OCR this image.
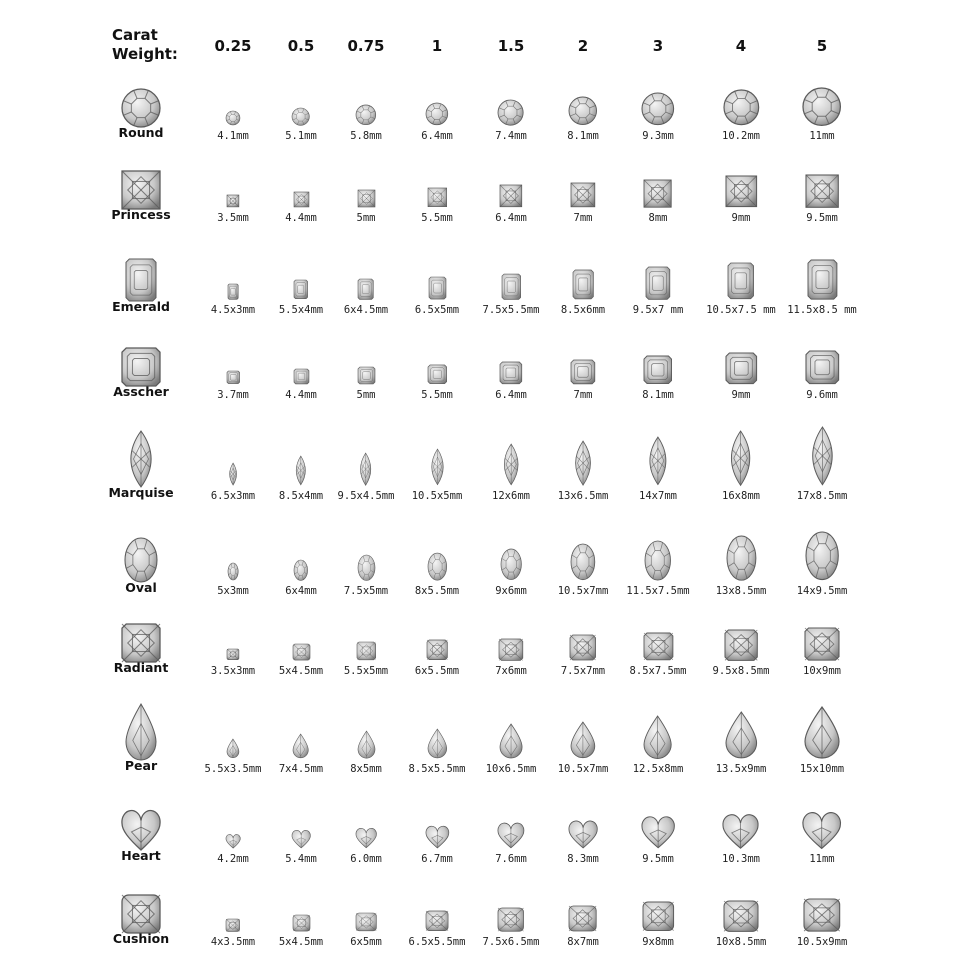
Carat
Weight:	0.25	0.5	0.75	1	1.5	2	3	4	5
Round	4.1mm	5.1mm	5.8mm	6.4mm	7.4mm	8.1mm	9.3mm	10.2mm	11mm
Princess	3.5mm	4.4mm	5mm	5.5mm	6.4mm	7mm	8mm	9mm	9.5mm
Emerald	4.5x3mm	5.5x4mm	6x4.5mm	6.5x5mm	7.5x5.5mm	8.5x6mm	9.5x7 mm	10.5x7.5 mm	11.5x8.5 mm
Asscher	3.7mm	4.4mm	5mm	5.5mm	6.4mm	7mm	8.1mm	9mm	9.6mm
Marquise	6.5x3mm	8.5x4mm	9.5x4.5mm	10.5x5mm	12x6mm	13x6.5mm	14x7mm	16x8mm	17x8.5mm
Oval	5x3mm	6x4mm	7.5x5mm	8x5.5mm	9x6mm	10.5x7mm	11.5x7.5mm	13x8.5mm	14x9.5mm
Radiant	3.5x3mm	5x4.5mm	5.5x5mm	6x5.5mm	7x6mm	7.5x7mm	8.5x7.5mm	9.5x8.5mm	10x9mm
Pear	5.5x3.5mm	7x4.5mm	8x5mm	8.5x5.5mm	10x6.5mm	10.5x7mm	12.5x8mm	13.5x9mm	15x10mm
Heart	4.2mm	5.4mm	6.0mm	6.7mm	7.6mm	8.3mm	9.5mm	10.3mm	11mm
Cushion	4x3.5mm	5x4.5mm	6x5mm	6.5x5.5mm	7.5x6.5mm	8x7mm	9x8mm	10x8.5mm	10.5x9mm
